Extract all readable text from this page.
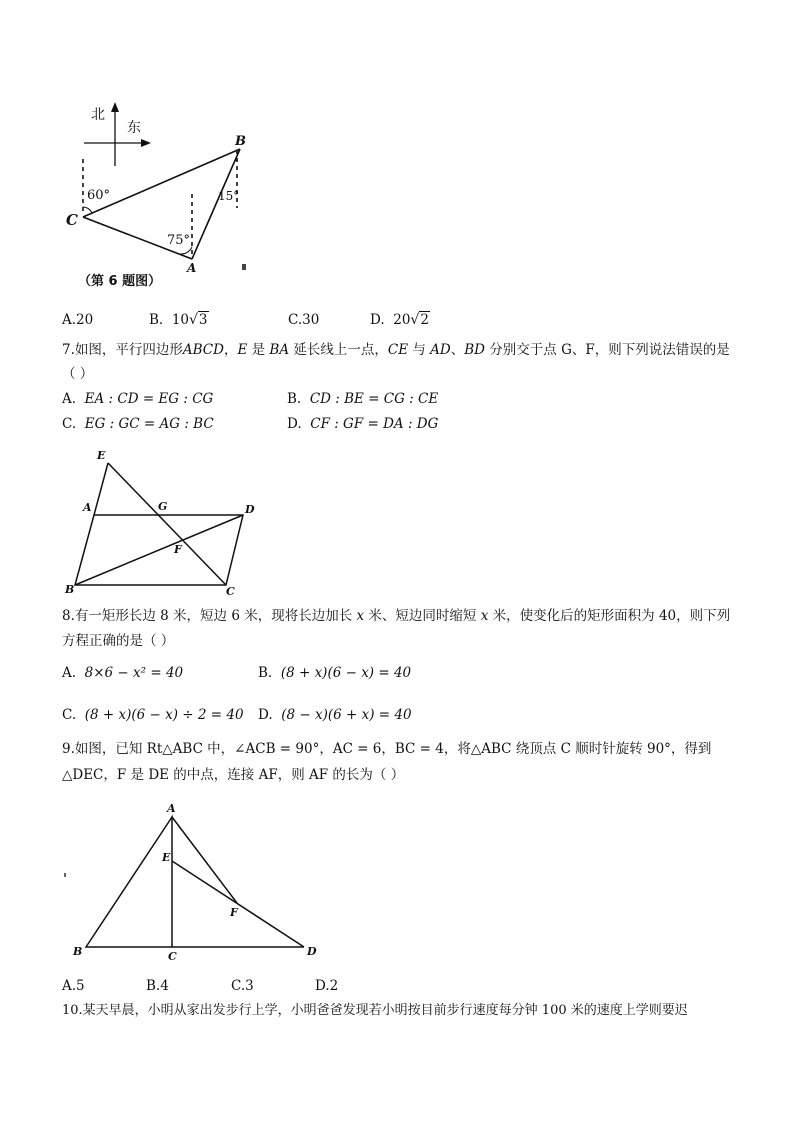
北
东
B
C
A
60°	15°
75°
（第 6 题图）
A.20	B. 10√3	C.30	D. 20√2
7.如图，平行四边形ABCD，E 是 BA 延长线上一点，CE 与 AD、BD 分别交于点 G、F，则下列说法错误的是
（ ）
A. EA : CD = EG : CG	B. CD : BE = CG : CE
C. EG : GC = AG : BC	D. CF : GF = DA : DG
E
A	G	D
F
B	C
8.有一矩形长边 8 米，短边 6 米，现将长边加长 x 米、短边同时缩短 x 米，使变化后的矩形面积为 40，则下列
方程正确的是（ ）
A. 8×6 − x² = 40	B. (8 + x)(6 − x) = 40
C. (8 + x)(6 − x) ÷ 2 = 40 D. (8 − x)(6 + x) = 40
9.如图，已知 Rt△ABC 中，∠ACB = 90°，AC = 6，BC = 4，将△ABC 绕顶点 C 顺时针旋转 90°，得到
△DEC，F 是 DE 的中点，连接 AF，则 AF 的长为（ ）
A
E
F
B	C	D
A.5	B.4	C.3	D.2
10.某天早晨，小明从家出发步行上学，小明爸爸发现若小明按目前步行速度每分钟 100 米的速度上学则要迟
